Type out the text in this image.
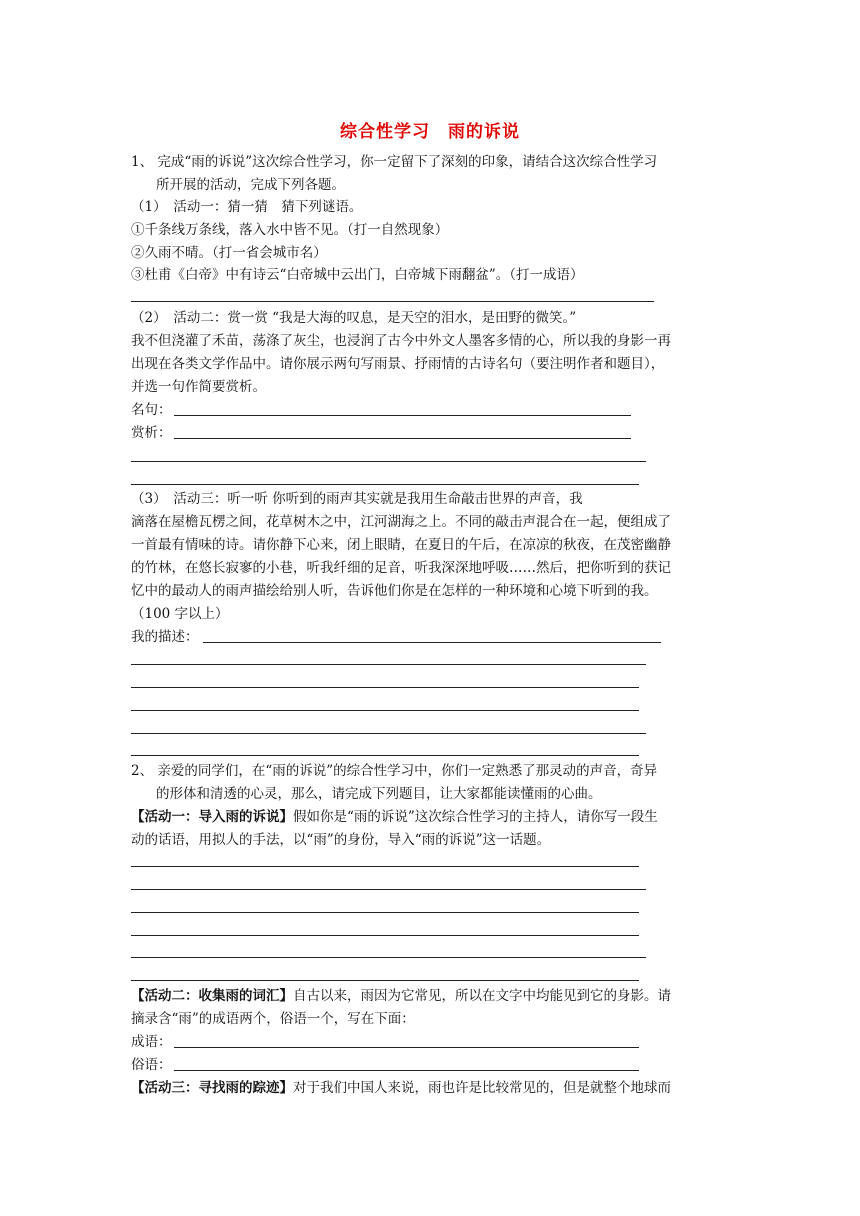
综合性学习　雨的诉说
1、 完成“雨的诉说”这次综合性学习，你一定留下了深刻的印象，请结合这次综合性学习
所开展的活动，完成下列各题。
（1）　活动一：猜一猜　猜下列谜语。
①千条线万条线，落入水中皆不见。（打一自然现象）
②久雨不晴。（打一省会城市名）
③杜甫《白帝》中有诗云“白帝城中云出门，白帝城下雨翻盆”。（打一成语）
（2）　活动二：赏一赏 “我是大海的叹息，是天空的泪水，是田野的微笑。”
我不但浇灌了禾苗，荡涤了灰尘，也浸润了古今中外文人墨客多情的心，所以我的身影一再
出现在各类文学作品中。请你展示两句写雨景、抒雨情的古诗名句（要注明作者和题目），
并选一句作简要赏析。
名句：
赏析：
（3）　活动三：听一听 你听到的雨声其实就是我用生命敲击世界的声音，我
滴落在屋檐瓦楞之间，花草树木之中，江河湖海之上。不同的敲击声混合在一起，便组成了
一首最有情味的诗。请你静下心来，闭上眼睛，在夏日的午后，在凉凉的秋夜，在茂密幽静
的竹林，在悠长寂寥的小巷，听我纤细的足音，听我深深地呼吸……然后，把你听到的获记
忆中的最动人的雨声描绘给别人听，告诉他们你是在怎样的一种环境和心境下听到的我。
（100 字以上）
我的描述：
2、 亲爱的同学们，在“雨的诉说”的综合性学习中，你们一定熟悉了那灵动的声音，奇异
的形体和清透的心灵，那么，请完成下列题目，让大家都能读懂雨的心曲。
【活动一：导入雨的诉说】假如你是“雨的诉说”这次综合性学习的主持人，请你写一段生
动的话语，用拟人的手法，以“雨”的身份，导入“雨的诉说”这一话题。
【活动二：收集雨的词汇】自古以来，雨因为它常见，所以在文字中均能见到它的身影。请
摘录含“雨”的成语两个，俗语一个，写在下面：
成语：
俗语：
【活动三：寻找雨的踪迹】对于我们中国人来说，雨也许是比较常见的，但是就整个地球而
